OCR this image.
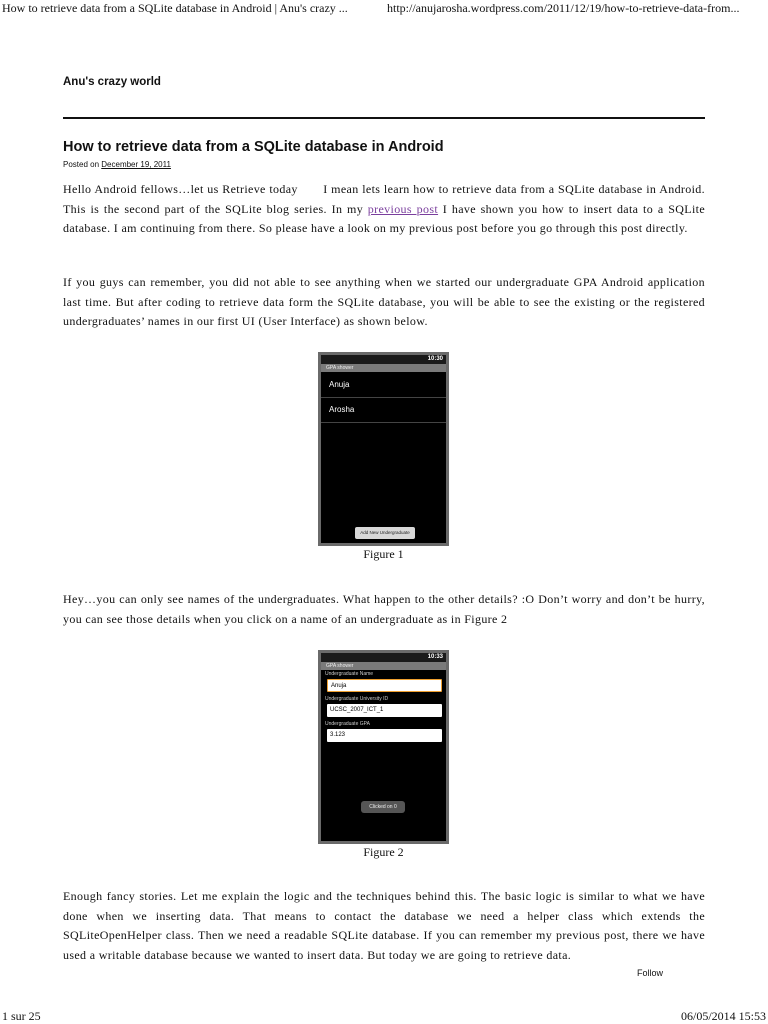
How to retrieve data from a SQLite database in Android | Anu's crazy ...	http://anujarosha.wordpress.com/2011/12/19/how-to-retrieve-data-from...
Anu's crazy world
How to retrieve data from a SQLite database in Android
Posted on December 19, 2011
Hello Android fellows…let us Retrieve today       I mean lets learn how to retrieve data from a SQLite database in Android. This is the second part of the SQLite blog series. In my previous post I have shown you how to insert data to a SQLite database. I am continuing from there. So please have a look on my previous post before you go through this post directly.
If you guys can remember, you did not able to see anything when we started our undergraduate GPA Android application last time. But after coding to retrieve data form the SQLite database, you will be able to see the existing or the registered undergraduates’ names in our first UI (User Interface) as shown below.
10:30
GPA shower
Anuja
Arosha
Add New Undergraduate
Figure 1
Hey…you can only see names of the undergraduates. What happen to the other details? :O Don’t worry and don’t be hurry, you can see those details when you click on a name of an undergraduate as in Figure 2
10:33
GPA shower
Undergraduate Name
Anuja
Undergraduate University ID
UCSC_2007_ICT_1
Undergraduate GPA
3.123
Clicked on 0
Figure 2
Enough fancy stories. Let me explain the logic and the techniques behind this. The basic logic is similar to what we have done when we inserting data. That means to contact the database we need a helper class which extends the SQLiteOpenHelper class. Then we need a readable SQLite database. If you can remember my previous post, there we have used a writable database because we wanted to insert data. But today we are going to retrieve data.
Follow
1 sur 25	06/05/2014 15:53
